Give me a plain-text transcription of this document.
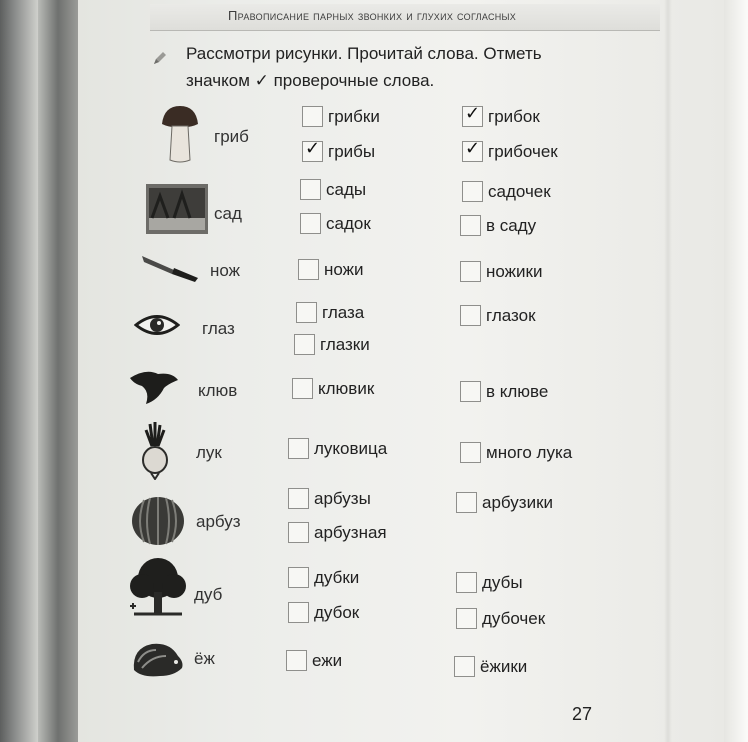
Правописание парных звонких и глухих согласных
Рассмотри рисунки. Прочитай слова. Отметь
значком ✓ проверочные слова.
гриб
грибки	✓ грибок
✓ грибы	✓ грибочек
сад
сады	садочек
садок	в саду
нож	ножи	ножики
глаз
глаза	глазок
глазки
клюв	клювик	в клюве
лук	луковица	много лука
арбуз
арбузы	арбузики
арбузная
дуб
дубки	дубы
дубок	дубочек
ёж	ежи	ёжики
27
